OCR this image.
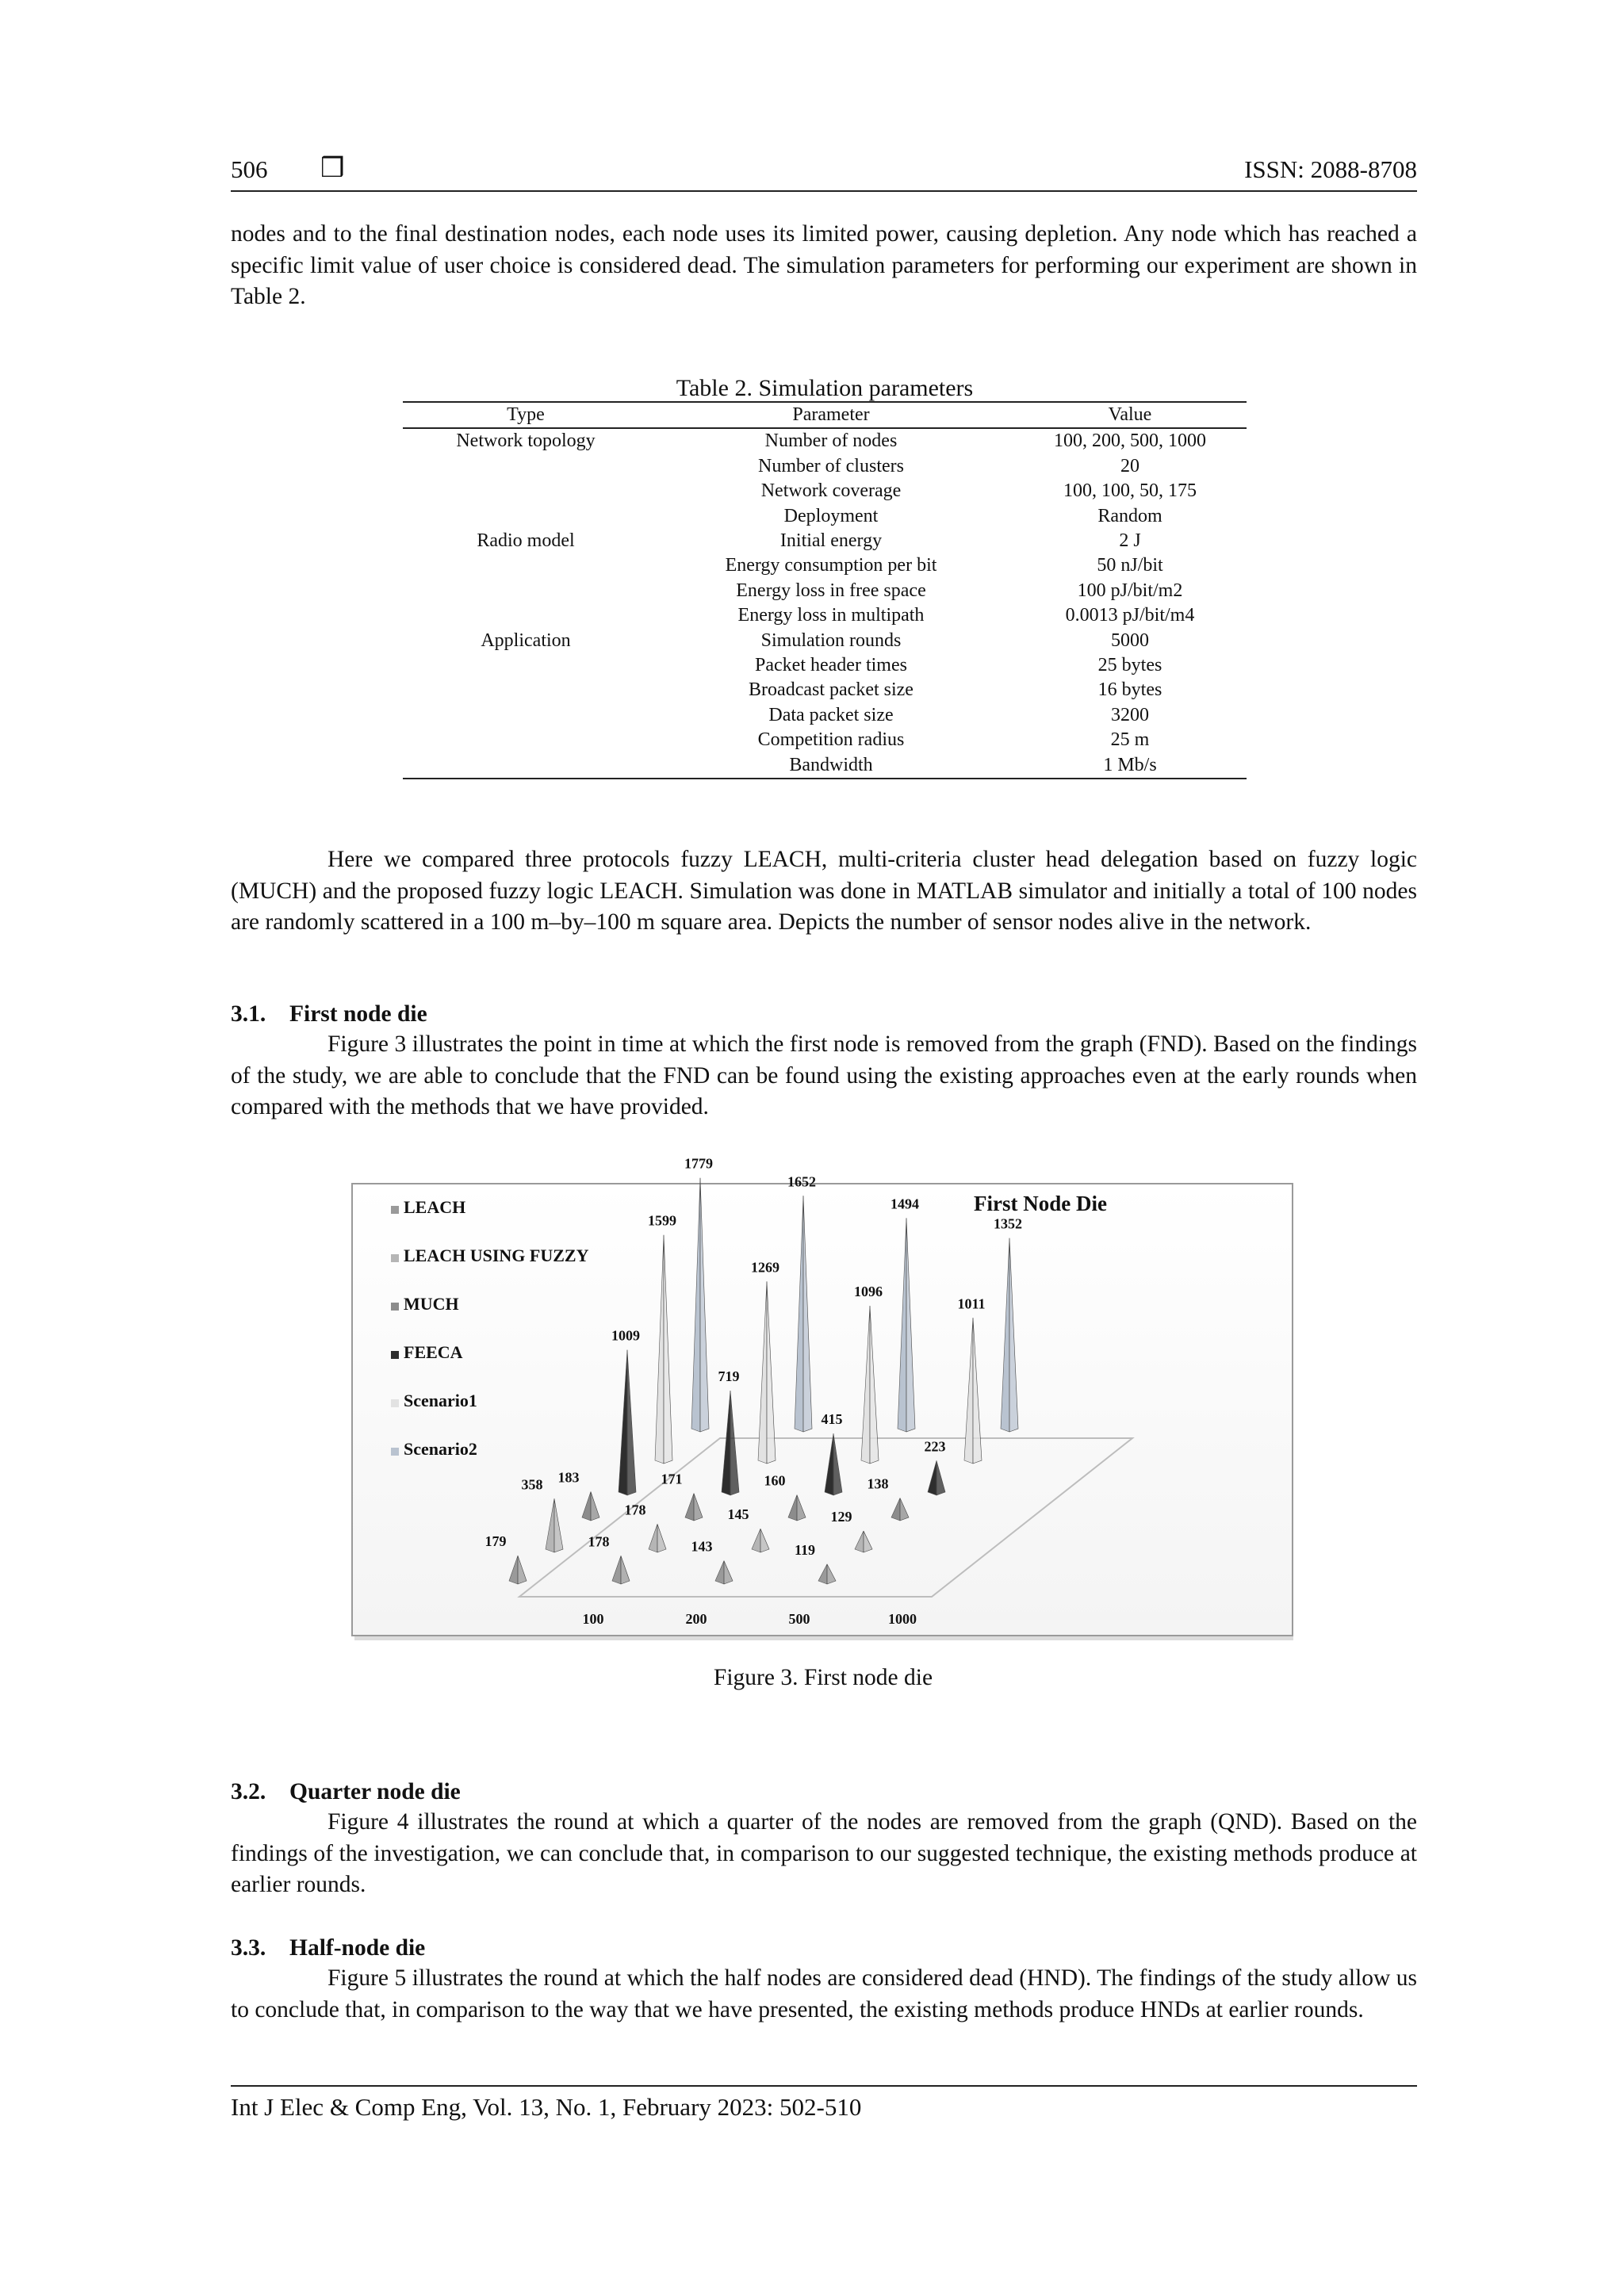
506 ❒	ISSN: 2088-8708

nodes and to the final destination nodes, each node uses its limited power, causing depletion. Any node which has reached a specific limit value of user choice is considered dead. The simulation parameters for performing our experiment are shown in Table 2.

Table 2. Simulation parameters
Type	Parameter	Value
Network topology	Number of nodes	100, 200, 500, 1000
	Number of clusters	20
	Network coverage	100, 100, 50, 175
	Deployment	Random
Radio model	Initial energy	2 J
	Energy consumption per bit	50 nJ/bit
	Energy loss in free space	100 pJ/bit/m2
	Energy loss in multipath	0.0013 pJ/bit/m4
Application	Simulation rounds	5000
	Packet header times	25 bytes
	Broadcast packet size	16 bytes
	Data packet size	3200
	Competition radius	25 m
	Bandwidth	1 Mb/s

Here we compared three protocols fuzzy LEACH, multi-criteria cluster head delegation based on fuzzy logic (MUCH) and the proposed fuzzy logic LEACH. Simulation was done in MATLAB simulator and initially a total of 100 nodes are randomly scattered in a 100 m–by–100 m square area. Depicts the number of sensor nodes alive in the network.

3.1. First node die

Figure 3 illustrates the point in time at which the first node is removed from the graph (FND). Based on the findings of the study, we are able to conclude that the FND can be found using the existing approaches even at the early rounds when compared with the methods that we have provided.

First Node Die
LEACH
LEACH USING FUZZY
MUCH
FEECA
Scenario1
Scenario2
1779
1652
1494
1352
1599
1269
1096
1011
1009
719
415
223
183	171	160	138
358
178	145	129
179	178	143	119
100	200	500	1000
Figure 3. First node die
3.2. Quarter node die

Figure 4 illustrates the round at which a quarter of the nodes are removed from the graph (QND). Based on the findings of the investigation, we can conclude that, in comparison to our suggested technique, the existing methods produce at earlier rounds.

3.3. Half-node die

Figure 5 illustrates the round at which the half nodes are considered dead (HND). The findings of the study allow us to conclude that, in comparison to the way that we have presented, the existing methods produce HNDs at earlier rounds.

Int J Elec & Comp Eng, Vol. 13, No. 1, February 2023: 502-510
